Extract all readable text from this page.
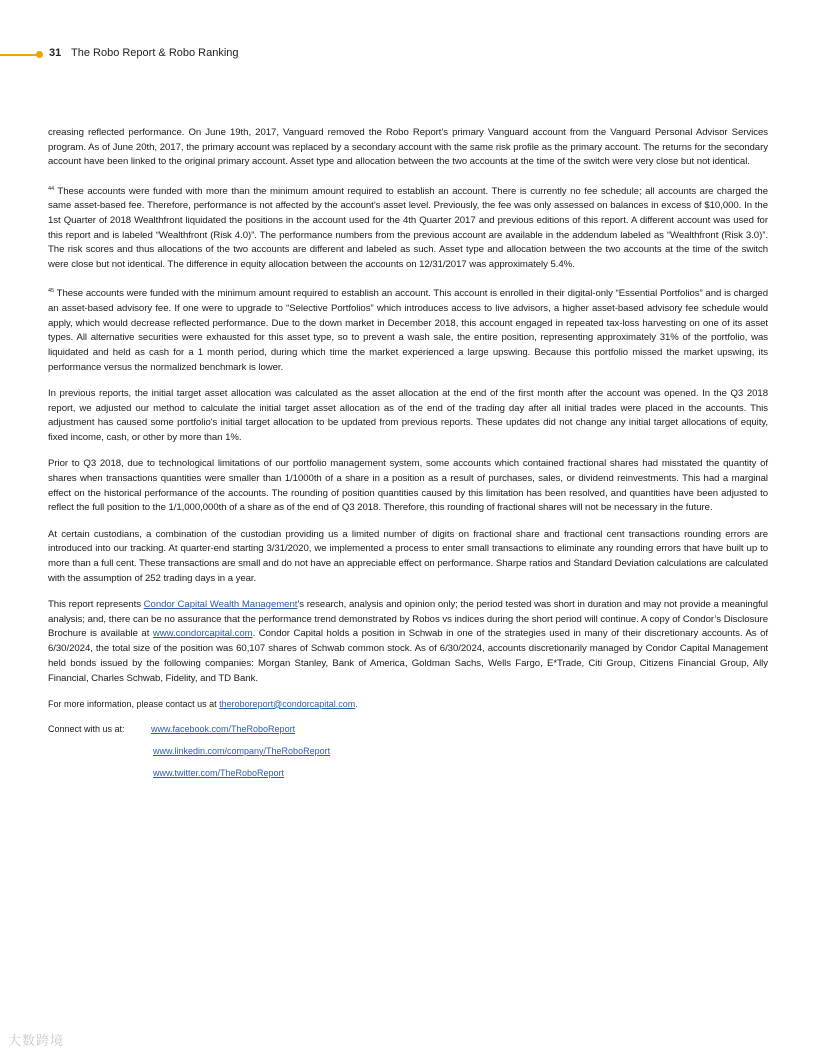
31 The Robo Report & Robo Ranking

creasing reflected performance. On June 19th, 2017, Vanguard removed the Robo Report’s primary Vanguard account from the Vanguard Personal Advisor Services program. As of June 20th, 2017, the primary account was replaced by a secondary account with the same risk profile as the primary account. The returns for the secondary account have been linked to the original primary account. Asset type and allocation between the two accounts at the time of the switch were very close but not identical.

$^{44}$ These accounts were funded with more than the minimum amount required to establish an account. There is currently no fee schedule; all accounts are charged the same asset-based fee. Therefore, performance is not affected by the account’s asset level. Previously, the fee was only assessed on balances in excess of $10,000. In the 1st Quarter of 2018 Wealthfront liquidated the positions in the account used for the 4th Quarter 2017 and previous editions of this report. A different account was used for this report and is labeled “Wealthfront (Risk 4.0)”. The performance numbers from the previous account are available in the addendum labeled as “Wealthfront (Risk 3.0)”. The risk scores and thus allocations of the two accounts are different and labeled as such. Asset type and allocation between the two accounts at the time of the switch were close but not identical. The difference in equity allocation between the accounts on 12/31/2017 was approximately 5.4%.

$^{45}$ These accounts were funded with the minimum amount required to establish an account. This account is enrolled in their digital-only “Essential Portfolios” and is charged an asset-based advisory fee. If one were to upgrade to “Selective Portfolios” which introduces access to live advisors, a higher asset-based advisory fee schedule would apply, which would decrease reflected performance. Due to the down market in December 2018, this account engaged in repeated tax-loss harvesting on one of its asset types. All alternative securities were exhausted for this asset type, so to prevent a wash sale, the entire position, representing approximately 31% of the portfolio, was liquidated and held as cash for a 1 month period, during which time the market experienced a large upswing. Because this portfolio missed the market upswing, its performance versus the normalized benchmark is lower.

In previous reports, the initial target asset allocation was calculated as the asset allocation at the end of the first month after the account was opened. In the Q3 2018 report, we adjusted our method to calculate the initial target asset allocation as of the end of the trading day after all initial trades were placed in the accounts. This adjustment has caused some portfolio's initial target allocation to be updated from previous reports. These updates did not change any initial target allocations of equity, fixed income, cash, or other by more than 1%.

Prior to Q3 2018, due to technological limitations of our portfolio management system, some accounts which contained fractional shares had misstated the quantity of shares when transactions quantities were smaller than 1/1000th of a share in a position as a result of purchases, sales, or dividend reinvestments. This had a marginal effect on the historical performance of the accounts. The rounding of position quantities caused by this limitation has been resolved, and quantities have been adjusted to reflect the full position to the 1/1,000,000th of a share as of the end of Q3 2018. Therefore, this rounding of fractional shares will not be necessary in the future.

At certain custodians, a combination of the custodian providing us a limited number of digits on fractional share and fractional cent transactions rounding errors are introduced into our tracking. At quarter-end starting 3/31/2020, we implemented a process to enter small transactions to eliminate any rounding errors that have built up to more than a full cent. These transactions are small and do not have an appreciable effect on performance. Sharpe ratios and Standard Deviation calculations are calculated with the assumption of 252 trading days in a year.

This report represents Condor Capital Wealth Management’s research, analysis and opinion only; the period tested was short in duration and may not provide a meaningful analysis; and, there can be no assurance that the performance trend demonstrated by Robos vs indices during the short period will continue. A copy of Condor’s Disclosure Brochure is available at www.condorcapital.com. Condor Capital holds a position in Schwab in one of the strategies used in many of their discretionary accounts. As of 6/30/2024, the total size of the position was 60,107 shares of Schwab common stock. As of 6/30/2024, accounts discretionarily managed by Condor Capital Management held bonds issued by the following companies: Morgan Stanley, Bank of America, Goldman Sachs, Wells Fargo, E*Trade, Citi Group, Citizens Financial Group, Ally Financial, Charles Schwab, Fidelity, and TD Bank.

For more information, please contact us at theroboreport@condorcapital.com.
Connect with us at:	www.facebook.com/TheRoboReport
www.linkedin.com/company/TheRoboReport
www.twitter.com/TheRoboReport
大数跨境
